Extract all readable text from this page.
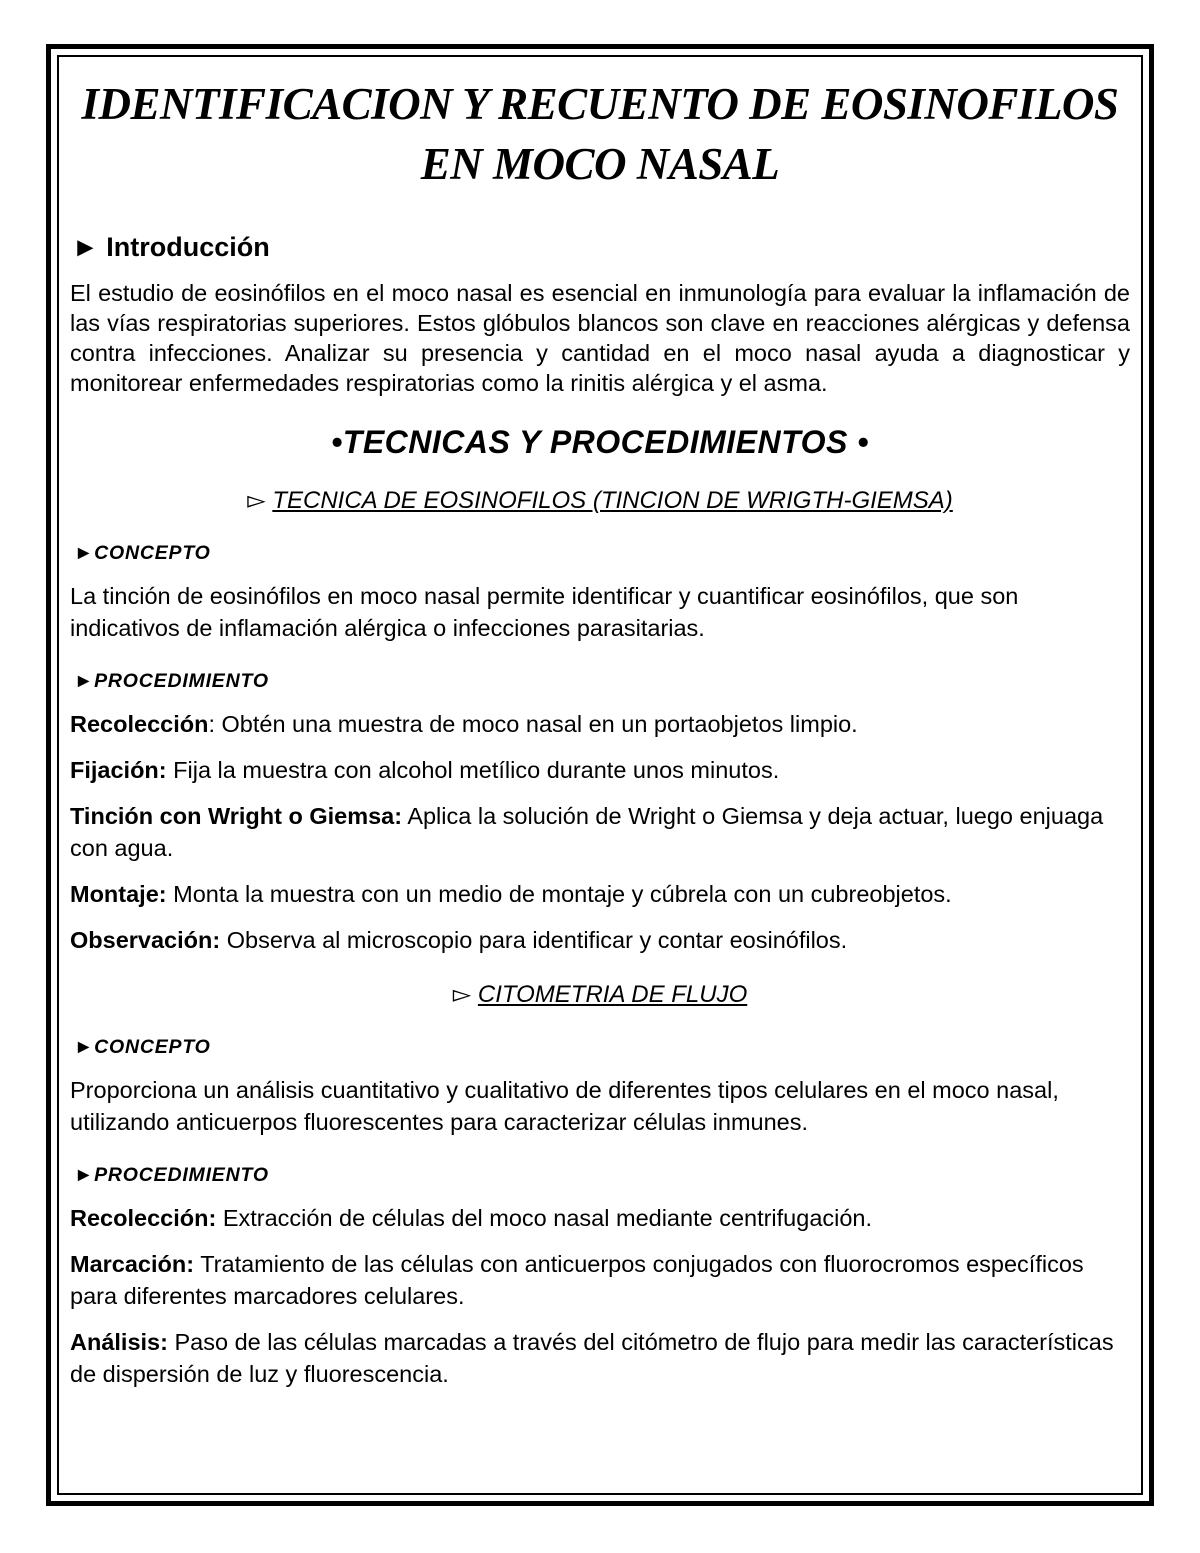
IDENTIFICACION Y RECUENTO DE EOSINOFILOS
EN MOCO NASAL
► Introducción

El estudio de eosinófilos en el moco nasal es esencial en inmunología para evaluar la inflamación de las vías respiratorias superiores. Estos glóbulos blancos son clave en reacciones alérgicas y defensa contra infecciones. Analizar su presencia y cantidad en el moco nasal ayuda a diagnosticar y monitorear enfermedades respiratorias como la rinitis alérgica y el asma.

•TECNICAS Y PROCEDIMIENTOS •
▻ TECNICA DE EOSINOFILOS (TINCION DE WRIGTH-GIEMSA)
►CONCEPTO

La tinción de eosinófilos en moco nasal permite identificar y cuantificar eosinófilos, que son indicativos de inflamación alérgica o infecciones parasitarias.

►PROCEDIMIENTO

Recolección: Obtén una muestra de moco nasal en un portaobjetos limpio.

Fijación: Fija la muestra con alcohol metílico durante unos minutos.

Tinción con Wright o Giemsa: Aplica la solución de Wright o Giemsa y deja actuar, luego enjuaga con agua.

Montaje: Monta la muestra con un medio de montaje y cúbrela con un cubreobjetos.

Observación: Observa al microscopio para identificar y contar eosinófilos.

▻ CITOMETRIA DE FLUJO
►CONCEPTO

Proporciona un análisis cuantitativo y cualitativo de diferentes tipos celulares en el moco nasal, utilizando anticuerpos fluorescentes para caracterizar células inmunes.

►PROCEDIMIENTO

Recolección: Extracción de células del moco nasal mediante centrifugación.

Marcación: Tratamiento de las células con anticuerpos conjugados con fluorocromos específicos para diferentes marcadores celulares.

Análisis: Paso de las células marcadas a través del citómetro de flujo para medir las características de dispersión de luz y fluorescencia.
